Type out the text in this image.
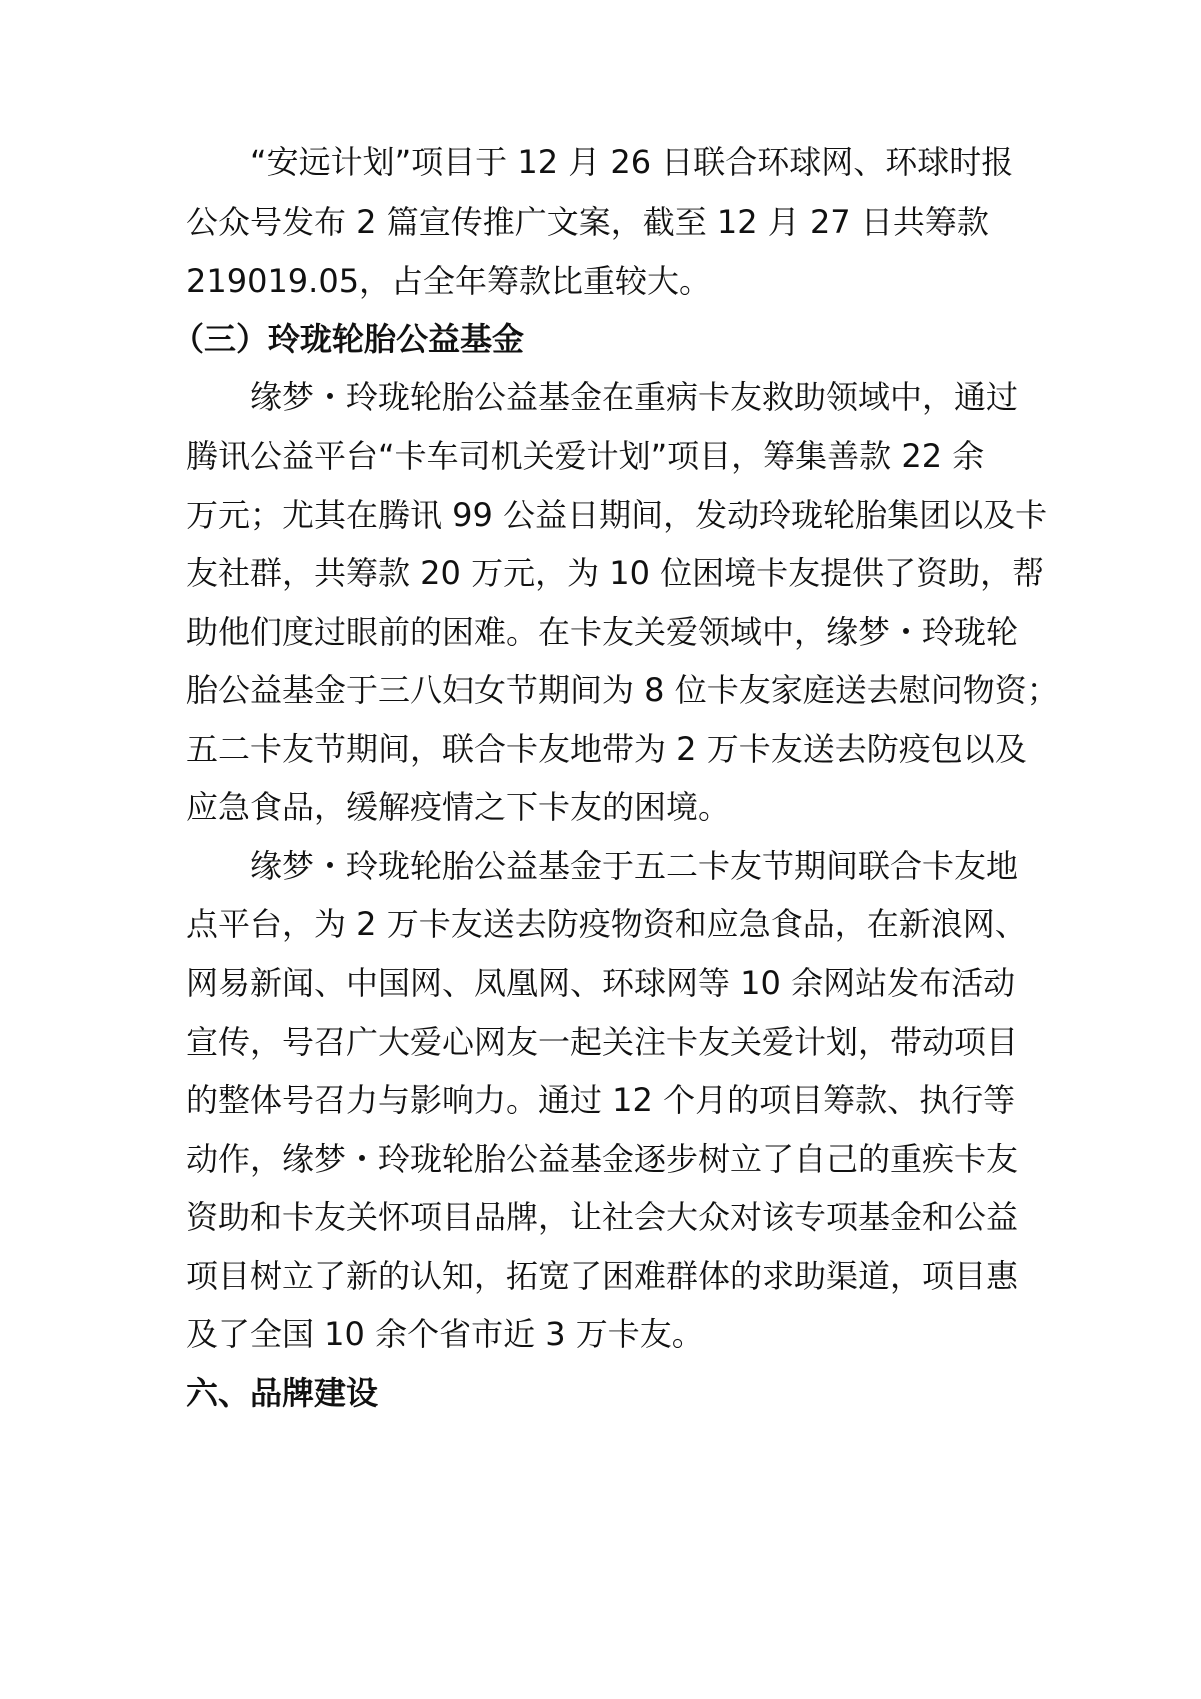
“安远计划”项目于 12 月 26 日联合环球网、环球时报
公众号发布 2 篇宣传推广文案，截至 12 月 27 日共筹款
219019.05，占全年筹款比重较大。
（三）玲珑轮胎公益基金
缘梦・玲珑轮胎公益基金在重病卡友救助领域中，通过
腾讯公益平台“卡车司机关爱计划”项目，筹集善款 22 余
万元；尤其在腾讯 99 公益日期间，发动玲珑轮胎集团以及卡
友社群，共筹款 20 万元，为 10 位困境卡友提供了资助，帮
助他们度过眼前的困难。在卡友关爱领域中，缘梦・玲珑轮
胎公益基金于三八妇女节期间为 8 位卡友家庭送去慰问物资；
五二卡友节期间，联合卡友地带为 2 万卡友送去防疫包以及
应急食品，缓解疫情之下卡友的困境。
缘梦・玲珑轮胎公益基金于五二卡友节期间联合卡友地
点平台，为 2 万卡友送去防疫物资和应急食品，在新浪网、
网易新闻、中国网、凤凰网、环球网等 10 余网站发布活动
宣传，号召广大爱心网友一起关注卡友关爱计划，带动项目
的整体号召力与影响力。通过 12 个月的项目筹款、执行等
动作，缘梦・玲珑轮胎公益基金逐步树立了自己的重疾卡友
资助和卡友关怀项目品牌，让社会大众对该专项基金和公益
项目树立了新的认知，拓宽了困难群体的求助渠道，项目惠
及了全国 10 余个省市近 3 万卡友。
六、品牌建设
